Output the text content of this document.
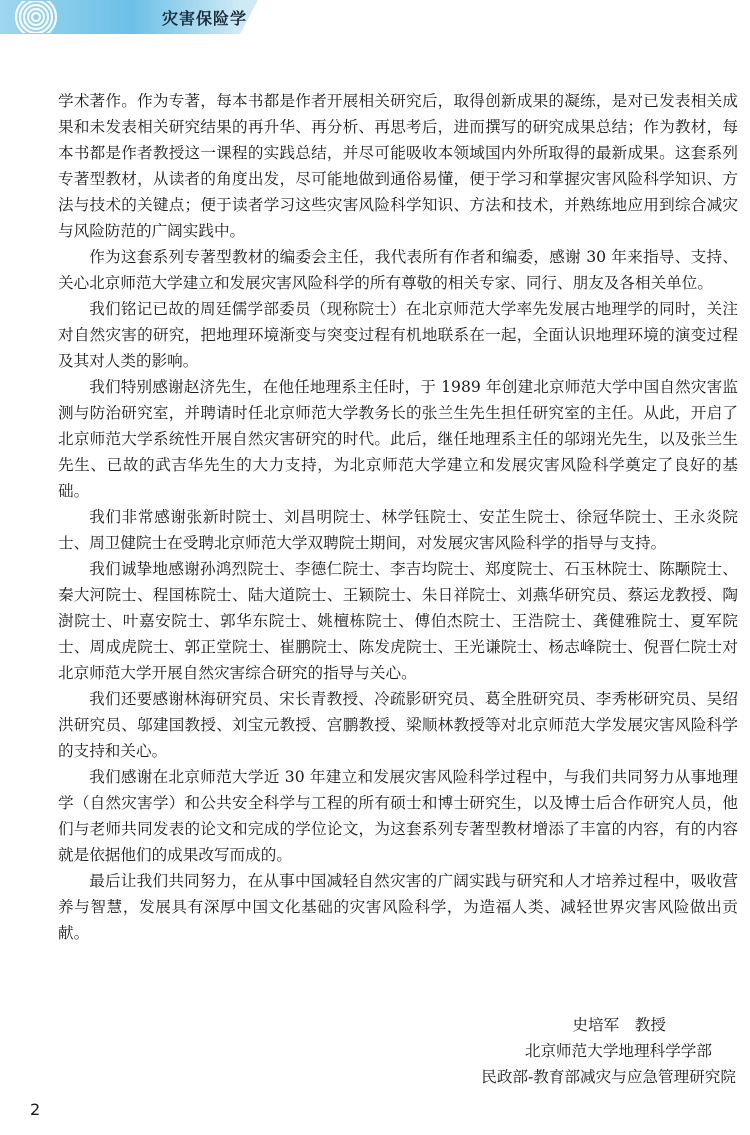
灾害保险学

学术著作。作为专著，每本书都是作者开展相关研究后，取得创新成果的凝练，是对已发表相关成果和未发表相关研究结果的再升华、再分析、再思考后，进而撰写的研究成果总结；作为教材，每本书都是作者教授这一课程的实践总结，并尽可能吸收本领域国内外所取得的最新成果。这套系列专著型教材，从读者的角度出发，尽可能地做到通俗易懂，便于学习和掌握灾害风险科学知识、方法与技术的关键点；便于读者学习这些灾害风险科学知识、方法和技术，并熟练地应用到综合减灾与风险防范的广阔实践中。

作为这套系列专著型教材的编委会主任，我代表所有作者和编委，感谢 30 年来指导、支持、关心北京师范大学建立和发展灾害风险科学的所有尊敬的相关专家、同行、朋友及各相关单位。

我们铭记已故的周廷儒学部委员（现称院士）在北京师范大学率先发展古地理学的同时，关注对自然灾害的研究，把地理环境渐变与突变过程有机地联系在一起，全面认识地理环境的演变过程及其对人类的影响。

我们特别感谢赵济先生，在他任地理系主任时，于 1989 年创建北京师范大学中国自然灾害监测与防治研究室，并聘请时任北京师范大学教务长的张兰生先生担任研究室的主任。从此，开启了北京师范大学系统性开展自然灾害研究的时代。此后，继任地理系主任的邬翊光先生，以及张兰生先生、已故的武吉华先生的大力支持，为北京师范大学建立和发展灾害风险科学奠定了良好的基础。

我们非常感谢张新时院士、刘昌明院士、林学钰院士、安芷生院士、徐冠华院士、王永炎院士、周卫健院士在受聘北京师范大学双聘院士期间，对发展灾害风险科学的指导与支持。

我们诚挚地感谢孙鸿烈院士、李德仁院士、李吉均院士、郑度院士、石玉林院士、陈颙院士、秦大河院士、程国栋院士、陆大道院士、王颖院士、朱日祥院士、刘燕华研究员、蔡运龙教授、陶澍院士、叶嘉安院士、郭华东院士、姚檀栋院士、傅伯杰院士、王浩院士、龚健雅院士、夏军院士、周成虎院士、郭正堂院士、崔鹏院士、陈发虎院士、王光谦院士、杨志峰院士、倪晋仁院士对北京师范大学开展自然灾害综合研究的指导与关心。

我们还要感谢林海研究员、宋长青教授、冷疏影研究员、葛全胜研究员、李秀彬研究员、吴绍洪研究员、邬建国教授、刘宝元教授、宫鹏教授、梁顺林教授等对北京师范大学发展灾害风险科学的支持和关心。

我们感谢在北京师范大学近 30 年建立和发展灾害风险科学过程中，与我们共同努力从事地理学（自然灾害学）和公共安全科学与工程的所有硕士和博士研究生，以及博士后合作研究人员，他们与老师共同发表的论文和完成的学位论文，为这套系列专著型教材增添了丰富的内容，有的内容就是依据他们的成果改写而成的。

最后让我们共同努力，在从事中国减轻自然灾害的广阔实践与研究和人才培养过程中，吸收营养与智慧，发展具有深厚中国文化基础的灾害风险科学，为造福人类、减轻世界灾害风险做出贡献。

史培军　教授
北京师范大学地理科学学部
民政部-教育部减灾与应急管理研究院
2
